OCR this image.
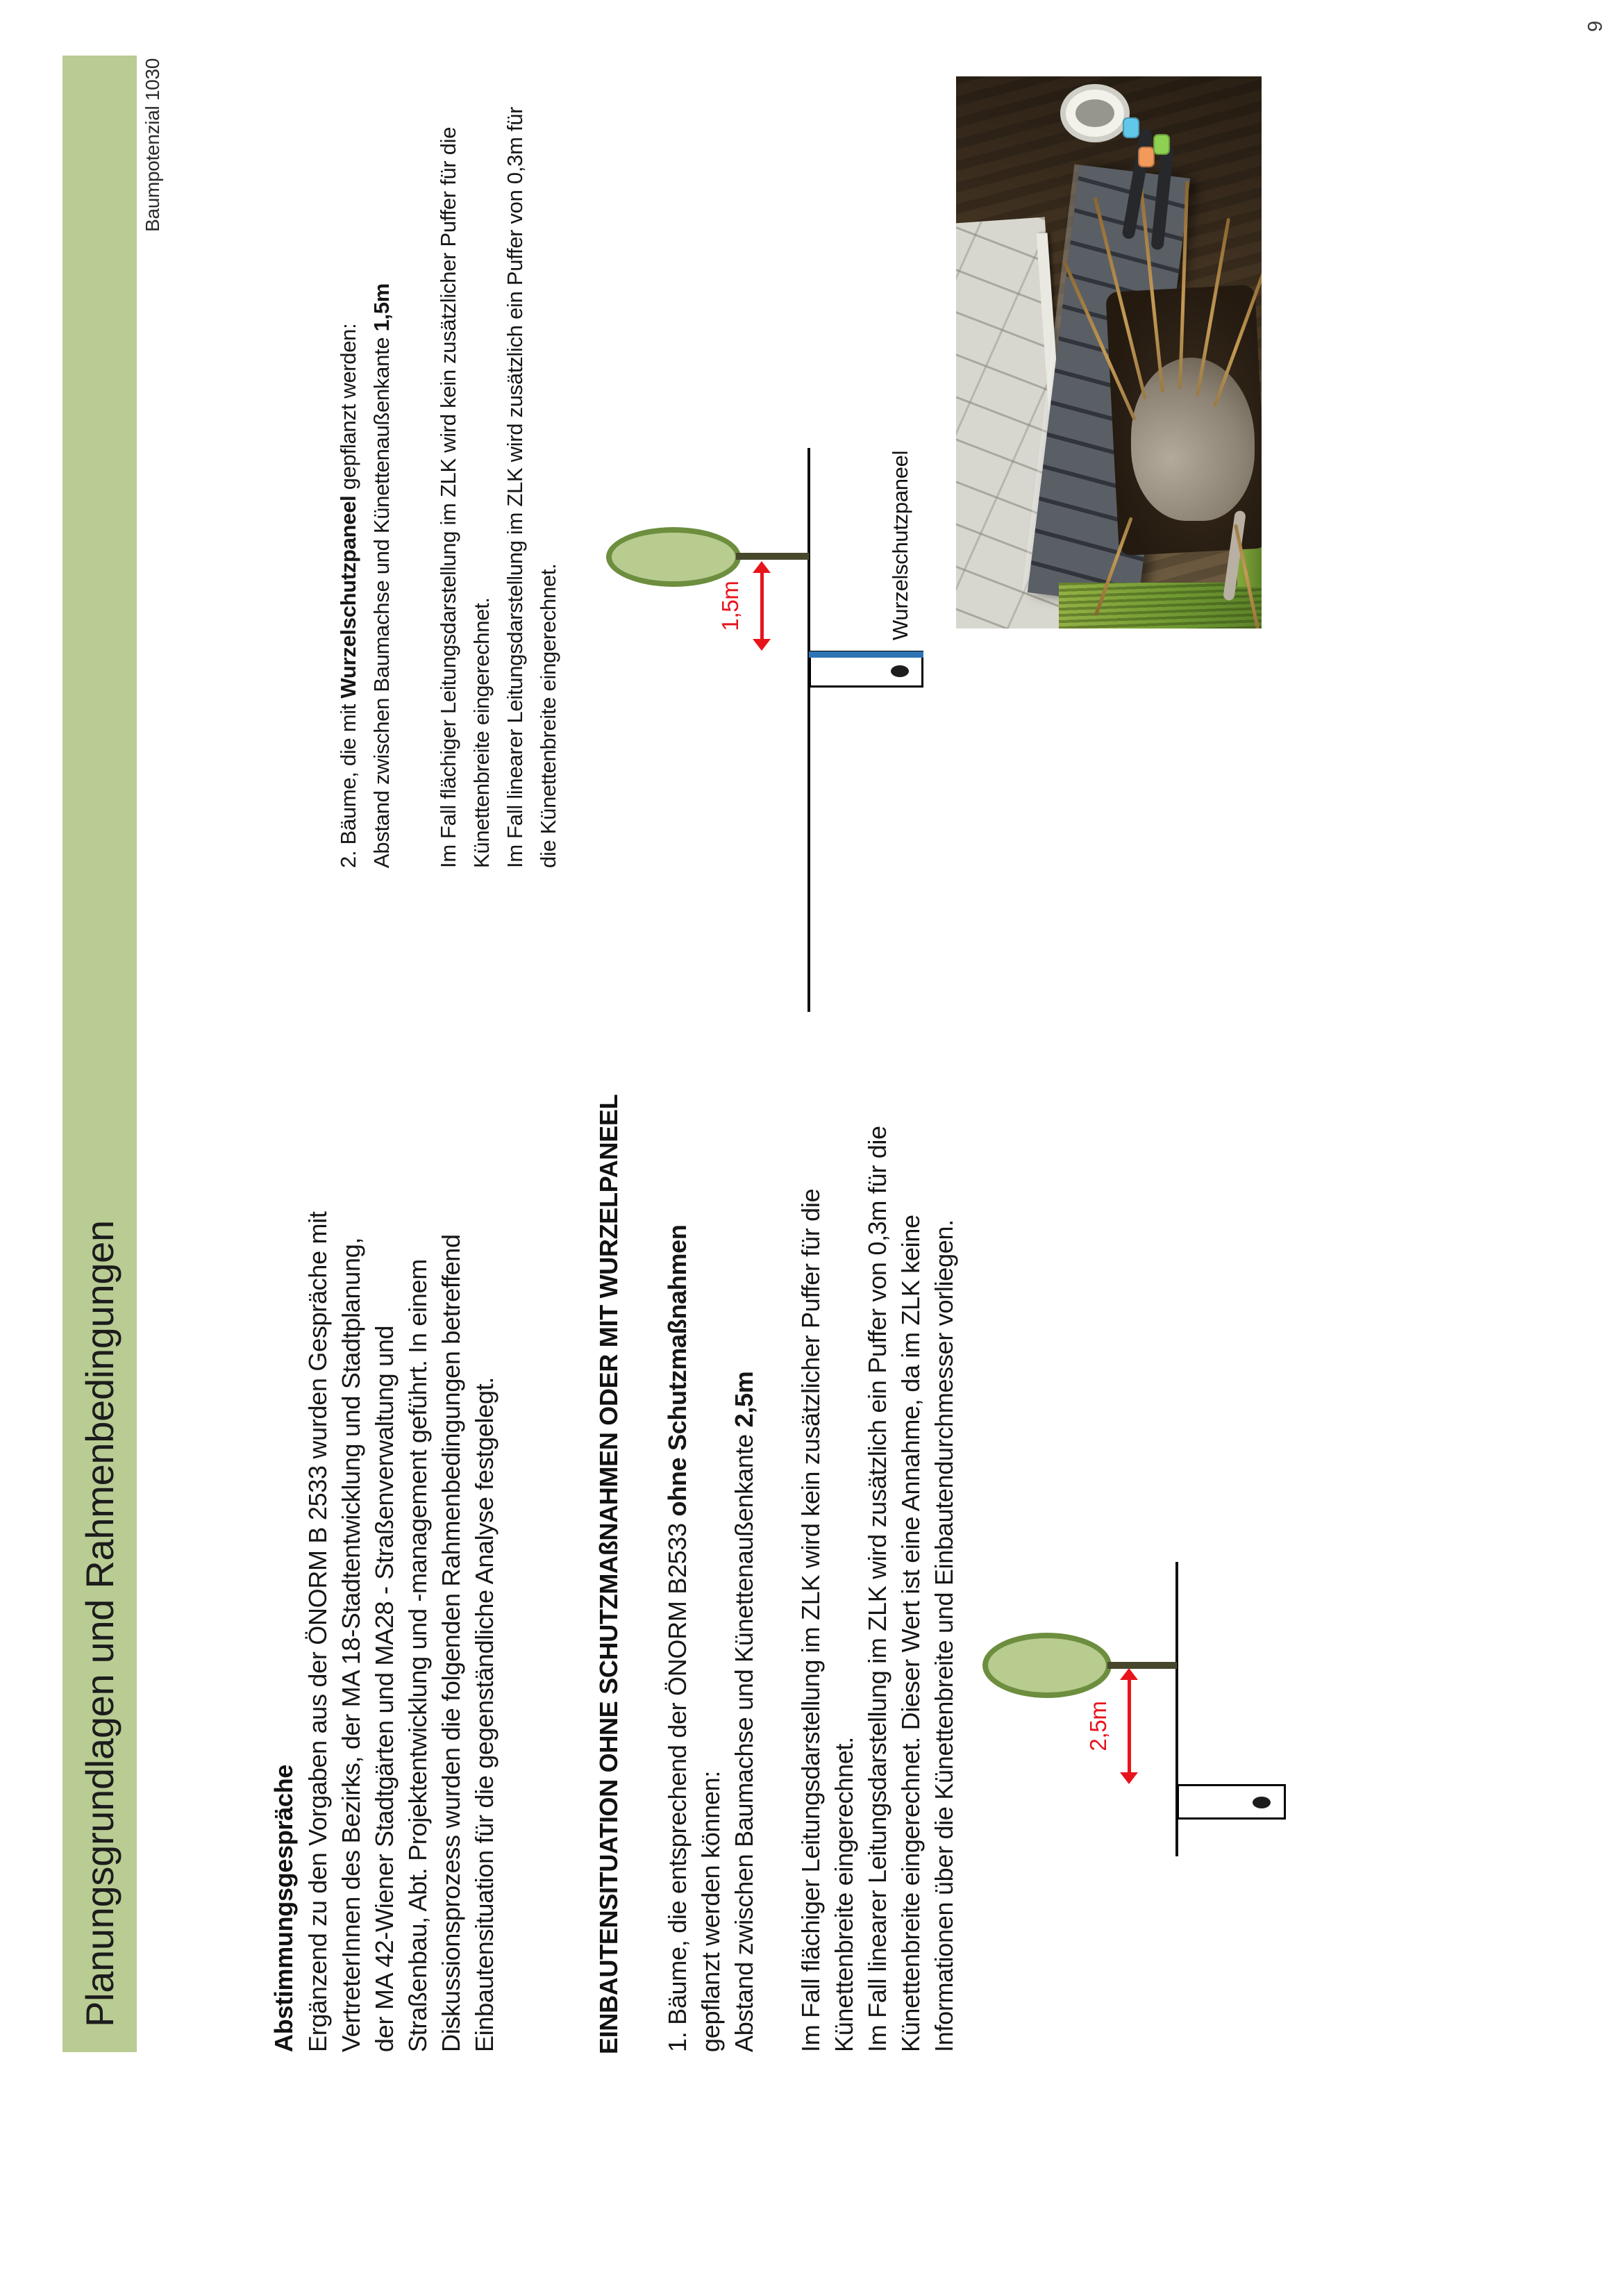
Planungsgrundlagen und Rahmenbedingungen
Baumpotenzial 1030
9
Abstimmungsgespräche Ergänzend zu den Vorgaben aus der ÖNORM B 2533 wurden Gespräche mit VertreterInnen des Bezirks, der MA 18-Stadtentwicklung und Stadtplanung, der MA 42-Wiener Stadtgärten und MA28 - Straßenverwaltung und Straßenbau, Abt. Projektentwicklung und -management geführt. In einem Diskussionsprozess wurden die folgenden Rahmenbedingungen betreffend Einbautensituation für die gegenständliche Analyse festgelegt.	EINBAUTENSITUATION OHNE SCHUTZMAßNAHMEN ODER MIT WURZELPANEEL 1. Bäume, die entsprechend der ÖNORM B2533 ohne Schutzmaßnahmen
gepflanzt werden können: Abstand zwischen Baumachse und Künettenaußenkante 2,5m
Im Fall flächiger Leitungsdarstellung im ZLK wird kein zusätzlicher Puffer für die Künettenbreite eingerechnet. Im Fall linearer Leitungsdarstellung im ZLK wird zusätzlich ein Puffer von 0,3m für die Künettenbreite eingerechnet. Dieser Wert ist eine Annahme, da im ZLK keine Informationen über die Künettenbreite und Einbautendurchmesser vorliegen.
2. Bäume, die mit Wurzelschutzpaneel gepflanzt werden: Abstand zwischen Baumachse und Künettenaußenkante 1,5m
Im Fall flächiger Leitungsdarstellung im ZLK wird kein zusätzlicher Puffer für die Künettenbreite eingerechnet. Im Fall linearer Leitungsdarstellung im ZLK wird zusätzlich ein Puffer von 0,3m für die Künettenbreite eingerechnet.
2,5m
1,5m	Wurzelschutzpaneel
